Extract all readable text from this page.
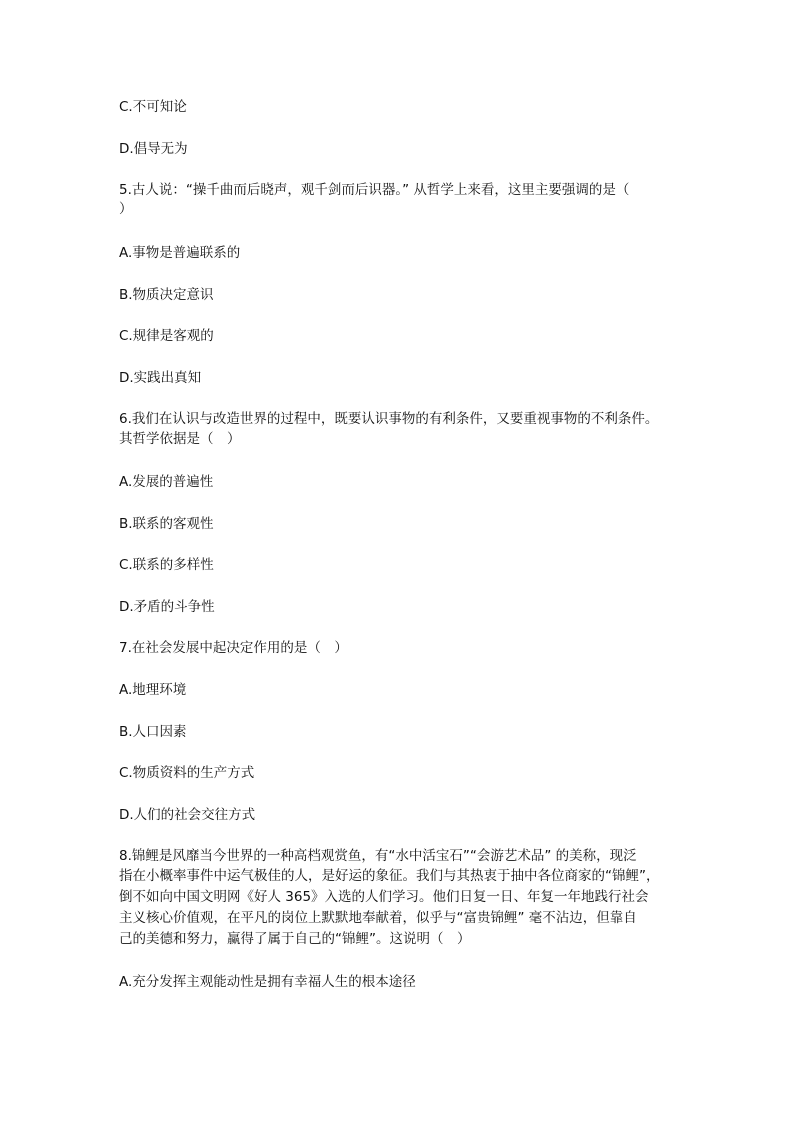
C.不可知论
D.倡导无为
5.古人说：“操千曲而后晓声，观千剑而后识器。” 从哲学上来看，这里主要强调的是（
）
A.事物是普遍联系的
B.物质决定意识
C.规律是客观的
D.实践出真知
6.我们在认识与改造世界的过程中，既要认识事物的有利条件，又要重视事物的不利条件。
其哲学依据是（　）
A.发展的普遍性
B.联系的客观性
C.联系的多样性
D.矛盾的斗争性
7.在社会发展中起决定作用的是（　）
A.地理环境
B.人口因素
C.物质资料的生产方式
D.人们的社会交往方式
8.锦鲤是风靡当今世界的一种高档观赏鱼，有“水中活宝石”“会游艺术品” 的美称，现泛
指在小概率事件中运气极佳的人，是好运的象征。我们与其热衷于抽中各位商家的“锦鲤”，
倒不如向中国文明网《好人 365》入选的人们学习。他们日复一日、年复一年地践行社会
主义核心价值观，在平凡的岗位上默默地奉献着，似乎与“富贵锦鲤” 毫不沾边，但靠自
己的美德和努力，赢得了属于自己的“锦鲤”。这说明（　）
A.充分发挥主观能动性是拥有幸福人生的根本途径
